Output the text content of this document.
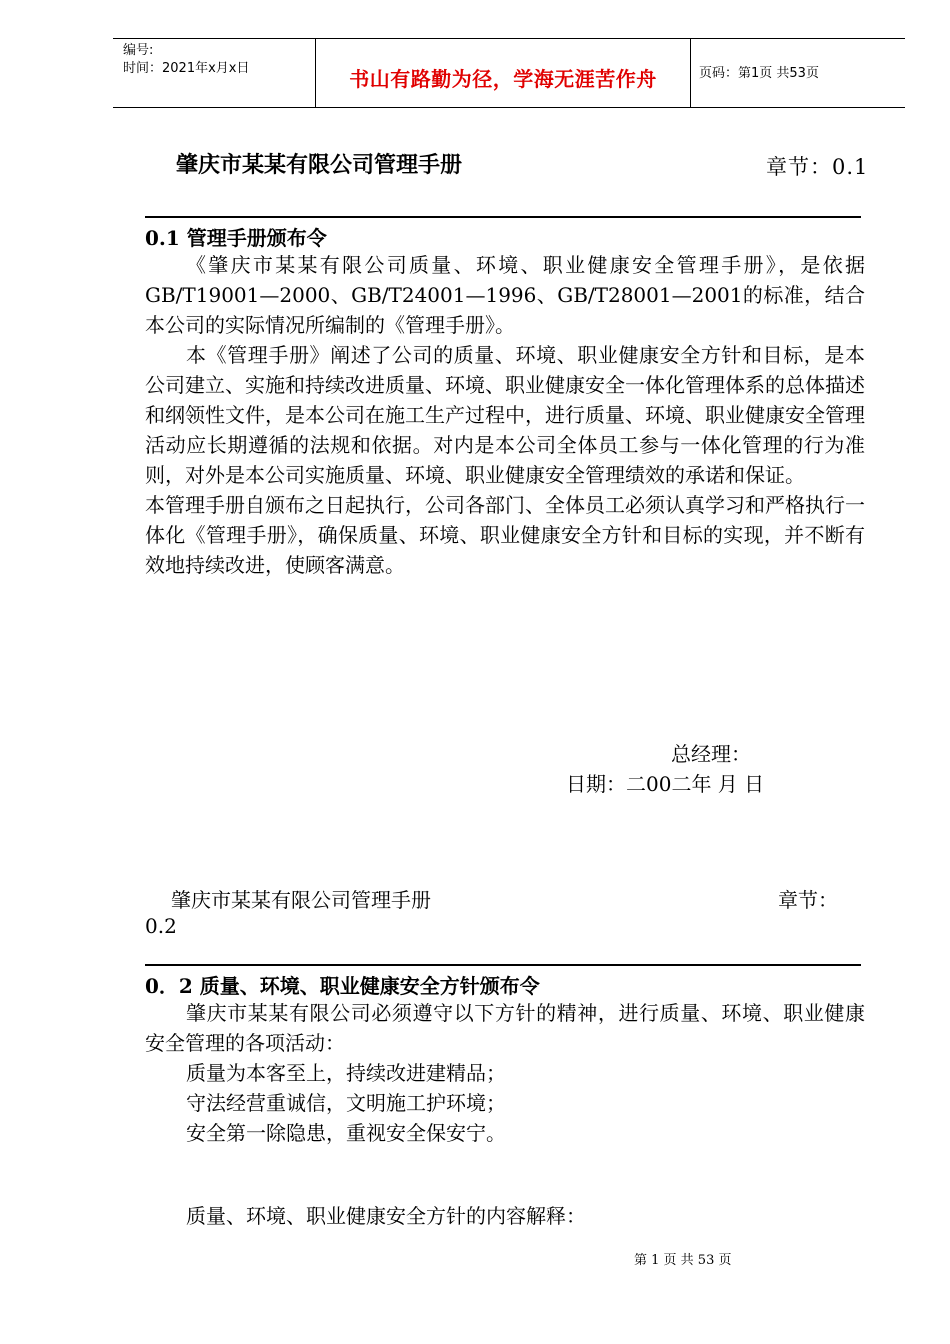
编号:
时间：2021年x月x日	书山有路勤为径，学海无涯苦作舟	页码：第1页 共53页
肇庆市某某有限公司管理手册	章节：0.1
0.1 管理手册颁布令

《肇庆市某某有限公司质量、环境、职业健康安全管理手册》，是依据GB/T19001—2000、GB/T24001—1996、GB/T28001—2001的标准，结合本公司的实际情况所编制的《管理手册》。

本《管理手册》阐述了公司的质量、环境、职业健康安全方针和目标，是本公司建立、实施和持续改进质量、环境、职业健康安全一体化管理体系的总体描述和纲领性文件，是本公司在施工生产过程中，进行质量、环境、职业健康安全管理活动应长期遵循的法规和依据。对内是本公司全体员工参与一体化管理的行为准则，对外是本公司实施质量、环境、职业健康安全管理绩效的承诺和保证。

本管理手册自颁布之日起执行，公司各部门、全体员工必须认真学习和严格执行一体化《管理手册》，确保质量、环境、职业健康安全方针和目标的实现，并不断有效地持续改进，使顾客满意。

总经理：
日期：二00二年 月 日
肇庆市某某有限公司管理手册	章节：
0.2
0．2 质量、环境、职业健康安全方针颁布令

肇庆市某某有限公司必须遵守以下方针的精神，进行质量、环境、职业健康安全管理的各项活动：

质量为本客至上，持续改进建精品；

守法经营重诚信，文明施工护环境；

安全第一除隐患，重视安全保安宁。

质量、环境、职业健康安全方针的内容解释：
第 1 页 共 53 页
